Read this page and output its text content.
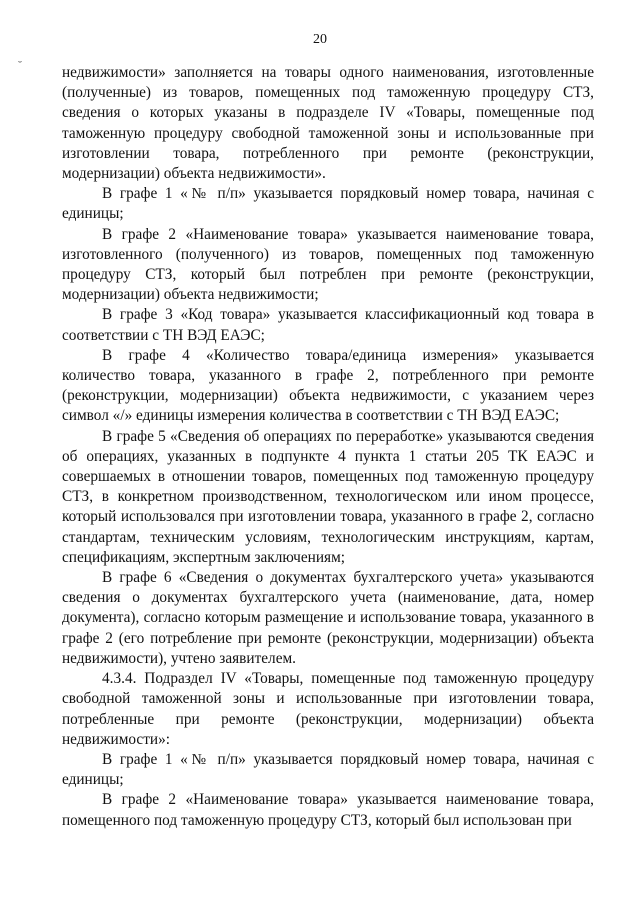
20
˘	недвижимости» заполняется на товары одного наименования, изготовленные (полученные) из товаров, помещенных под таможенную процедуру СТЗ, сведения о которых указаны в подразделе IV «Товары, помещенные под таможенную процедуру свободной таможенной зоны и использованные при изготовлении товара, потребленного при ремонте (реконструкции, модернизации) объекта недвижимости».

В графе 1 «№ п/п» указывается порядковый номер товара, начиная с единицы;

В графе 2 «Наименование товара» указывается наименование товара, изготовленного (полученного) из товаров, помещенных под таможенную процедуру СТЗ, который был потреблен при ремонте (реконструкции, модернизации) объекта недвижимости;

В графе 3 «Код товара» указывается классификационный код товара в соответствии с ТН ВЭД ЕАЭС;

В графе 4 «Количество товара/единица измерения» указывается количество товара, указанного в графе 2, потребленного при ремонте (реконструкции, модернизации) объекта недвижимости, с указанием через символ «/» единицы измерения количества в соответствии с ТН ВЭД ЕАЭС;

В графе 5 «Сведения об операциях по переработке» указываются сведения об операциях, указанных в подпункте 4 пункта 1 статьи 205 ТК ЕАЭС и совершаемых в отношении товаров, помещенных под таможенную процедуру СТЗ, в конкретном производственном, технологическом или ином процессе, который использовался при изготовлении товара, указанного в графе 2, согласно стандартам, техническим условиям, технологическим инструкциям, картам, спецификациям, экспертным заключениям;

В графе 6 «Сведения о документах бухгалтерского учета» указываются сведения о документах бухгалтерского учета (наименование, дата, номер документа), согласно которым размещение и использование товара, указанного в графе 2 (его потребление при ремонте (реконструкции, модернизации) объекта недвижимости), учтено заявителем.

4.3.4. Подраздел IV «Товары, помещенные под таможенную процедуру свободной таможенной зоны и использованные при изготовлении товара, потребленные при ремонте (реконструкции, модернизации) объекта недвижимости»:

В графе 1 «№ п/п» указывается порядковый номер товара, начиная с единицы;

В графе 2 «Наименование товара» указывается наименование товара, помещенного под таможенную процедуру СТЗ, который был использован при
